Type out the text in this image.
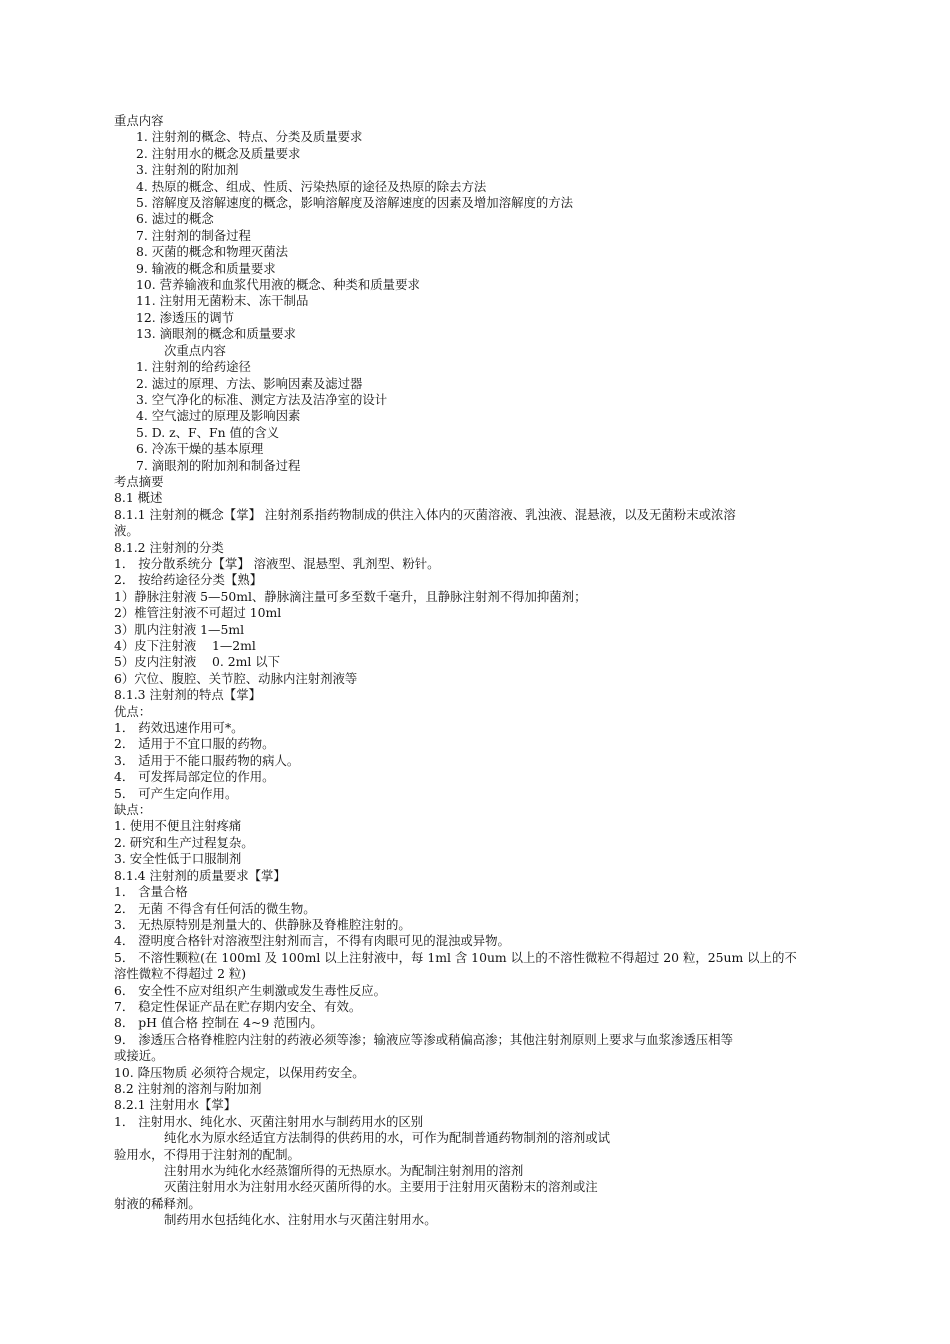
重点内容
1. 注射剂的概念、特点、分类及质量要求
2. 注射用水的概念及质量要求
3. 注射剂的附加剂
4. 热原的概念、组成、性质、污染热原的途径及热原的除去方法
5. 溶解度及溶解速度的概念，影响溶解度及溶解速度的因素及增加溶解度的方法
6. 滤过的概念
7. 注射剂的制备过程
8. 灭菌的概念和物理灭菌法
9. 输液的概念和质量要求
10. 营养输液和血浆代用液的概念、种类和质量要求
11. 注射用无菌粉末、冻干制品
12. 渗透压的调节
13. 滴眼剂的概念和质量要求
次重点内容
1. 注射剂的给药途径
2. 滤过的原理、方法、影响因素及滤过器
3. 空气净化的标准、测定方法及洁净室的设计
4. 空气滤过的原理及影响因素
5. D. z、F、Fn 值的含义
6. 冷冻干燥的基本原理
7. 滴眼剂的附加剂和制备过程
考点摘要
8.1 概述
8.1.1 注射剂的概念【掌】 注射剂系指药物制成的供注入体内的灭菌溶液、乳浊液、混悬液，以及无菌粉末或浓溶
液。
8.1.2 注射剂的分类
1． 按分散系统分【掌】 溶液型、混悬型、乳剂型、粉针。
2． 按给药途径分类【熟】
1）静脉注射液 5—50ml、静脉滴注量可多至数千毫升，且静脉注射剂不得加抑菌剂；
2）椎管注射液不可超过 10ml
3）肌内注射液 1—5ml
4）皮下注射液    1—2ml
5）皮内注射液    0. 2ml 以下
6）穴位、腹腔、关节腔、动脉内注射剂液等
8.1.3 注射剂的特点【掌】
优点：
1． 药效迅速作用可*。
2． 适用于不宜口服的药物。
3． 适用于不能口服药物的病人。
4． 可发挥局部定位的作用。
5． 可产生定向作用。
缺点：
1. 使用不便且注射疼痛
2. 研究和生产过程复杂。
3. 安全性低于口服制剂
8.1.4 注射剂的质量要求【掌】
1． 含量合格
2． 无菌 不得含有任何活的微生物。
3． 无热原特别是剂量大的、供静脉及脊椎腔注射的。
4． 澄明度合格针对溶液型注射剂而言，不得有肉眼可见的混浊或异物。
5． 不溶性颗粒(在 100ml 及 100ml 以上注射液中，每 1ml 含 10um 以上的不溶性微粒不得超过 20 粒，25um 以上的不
溶性微粒不得超过 2 粒)
6． 安全性不应对组织产生刺激或发生毒性反应。
7． 稳定性保证产品在贮存期内安全、有效。
8． pH 值合格 控制在 4~9 范围内。
9． 渗透压合格脊椎腔内注射的药液必须等渗；输液应等渗或稍偏高渗；其他注射剂原则上要求与血浆渗透压相等
或接近。
10. 降压物质 必须符合规定，以保用药安全。
8.2 注射剂的溶剂与附加剂
8.2.1 注射用水【掌】
1． 注射用水、纯化水、灭菌注射用水与制药用水的区别
纯化水为原水经适宜方法制得的供药用的水，可作为配制普通药物制剂的溶剂或试
验用水，不得用于注射剂的配制。
注射用水为纯化水经蒸馏所得的无热原水。为配制注射剂用的溶剂
灭菌注射用水为注射用水经灭菌所得的水。主要用于注射用灭菌粉末的溶剂或注
射液的稀释剂。
制药用水包括纯化水、注射用水与灭菌注射用水。
